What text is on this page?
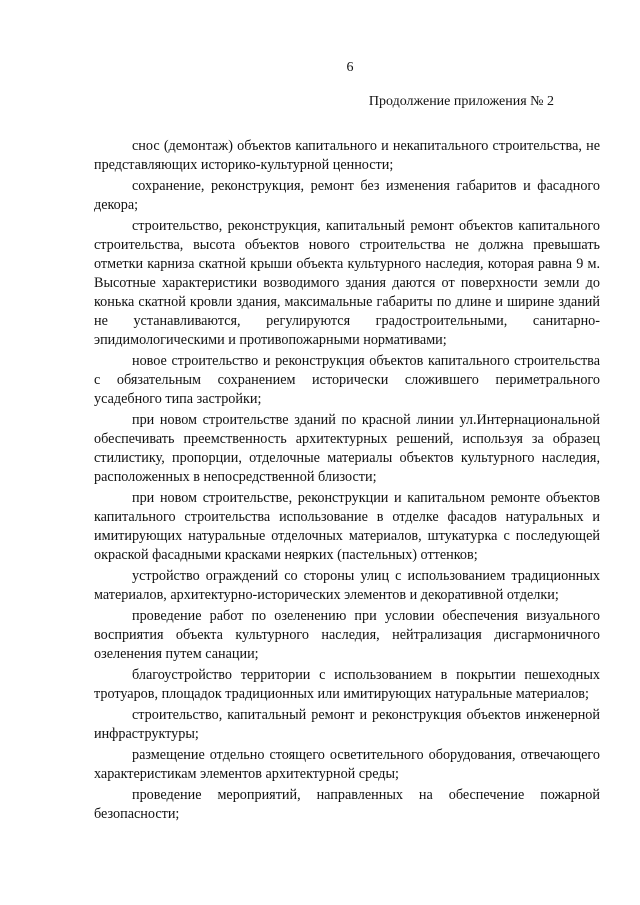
6
Продолжение приложения № 2

снос (демонтаж) объектов капитального и некапитального строительства, не представляющих историко-культурной ценности;

сохранение, реконструкция, ремонт без изменения габаритов и фасадного декора;

строительство, реконструкция, капитальный ремонт объектов капитального строительства, высота объектов нового строительства не должна превышать отметки карниза скатной крыши объекта культурного наследия, которая равна 9 м. Высотные характеристики возводимого здания даются от поверхности земли до конька скатной кровли здания, максимальные габариты по длине и ширине зданий не устанавливаются, регулируются градостроительными, санитарно-эпидимологическими и противопожарными нормативами;

новое строительство и реконструкция объектов капитального строительства с обязательным сохранением исторически сложившего периметрального усадебного типа застройки;

при новом строительстве зданий по красной линии ул.Интернациональной обеспечивать преемственность архитектурных решений, используя за образец стилистику, пропорции, отделочные материалы объектов культурного наследия, расположенных в непосредственной близости;

при новом строительстве, реконструкции и капитальном ремонте объектов капитального строительства использование в отделке фасадов натуральных и имитирующих натуральные отделочных материалов, штукатурка с последующей окраской фасадными красками неярких (пастельных) оттенков;

устройство ограждений со стороны улиц с использованием традиционных материалов, архитектурно-исторических элементов и декоративной отделки;

проведение работ по озеленению при условии обеспечения визуального восприятия объекта культурного наследия, нейтрализация дисгармоничного озеленения путем санации;

благоустройство территории с использованием в покрытии пешеходных тротуаров, площадок традиционных или имитирующих натуральные материалов;

строительство, капитальный ремонт и реконструкция объектов инженерной инфраструктуры;

размещение отдельно стоящего осветительного оборудования, отвечающего характеристикам элементов архитектурной среды;

проведение мероприятий, направленных на обеспечение пожарной безопасности;
